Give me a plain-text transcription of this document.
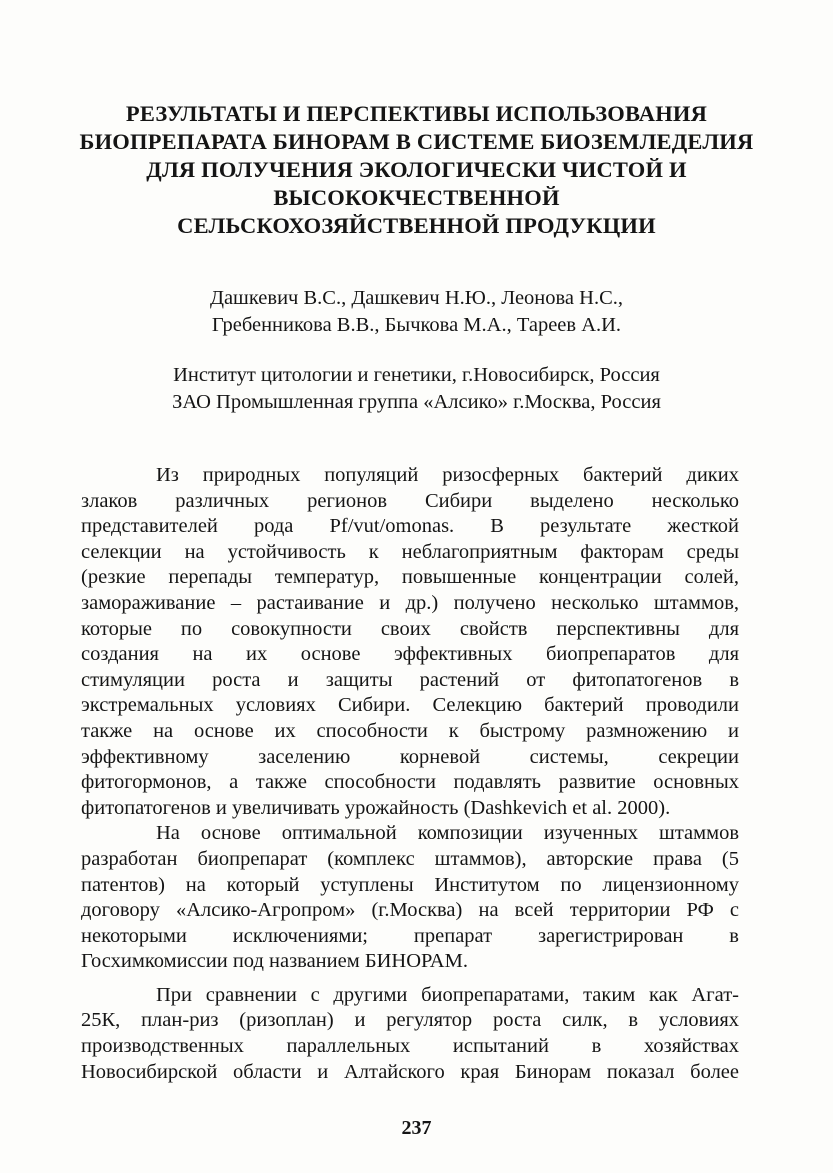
РЕЗУЛЬТАТЫ И ПЕРСПЕКТИВЫ ИСПОЛЬЗОВАНИЯ
БИОПРЕПАРАТА БИНОРАМ В СИСТЕМЕ БИОЗЕМЛЕДЕЛИЯ
ДЛЯ ПОЛУЧЕНИЯ ЭКОЛОГИЧЕСКИ ЧИСТОЙ И
ВЫСОКОКЧЕСТВЕННОЙ
СЕЛЬСКОХОЗЯЙСТВЕННОЙ ПРОДУКЦИИ
Дашкевич В.С., Дашкевич Н.Ю., Леонова Н.С.,
Гребенникова В.В., Бычкова М.А., Тареев А.И.
Институт цитологии и генетики, г.Новосибирск, Россия
ЗАО Промышленная группа «Алсико» г.Москва, Россия
Из природных популяций ризосферных бактерий диких
злаков различных регионов Сибири выделено несколько
представителей рода Pf/vut/omonas. В результате жесткой
селекции на устойчивость к неблагоприятным факторам среды
(резкие перепады температур, повышенные концентрации солей,
замораживание – растаивание и др.) получено несколько штаммов,
которые по совокупности своих свойств перспективны для
создания на их основе эффективных биопрепаратов для
стимуляции роста и защиты растений от фитопатогенов в
экстремальных условиях Сибири. Селекцию бактерий проводили
также на основе их способности к быстрому размножению и
эффективному заселению корневой системы, секреции
фитогормонов, а также способности подавлять развитие основных
фитопатогенов и увеличивать урожайность (Dashkevich et al. 2000).
На основе оптимальной композиции изученных штаммов
разработан биопрепарат (комплекс штаммов), авторские права (5
патентов) на который уступлены Институтом по лицензионному
договору «Алсико-Агропром» (г.Москва) на всей территории РФ с
некоторыми исключениями; препарат зарегистрирован в
Госхимкомиссии под названием БИНОРАМ.
При сравнении с другими биопрепаратами, таким как Агат-
25К, план-риз (ризоплан) и регулятор роста силк, в условиях
производственных параллельных испытаний в хозяйствах
Новосибирской области и Алтайского края Бинорам показал более
237
